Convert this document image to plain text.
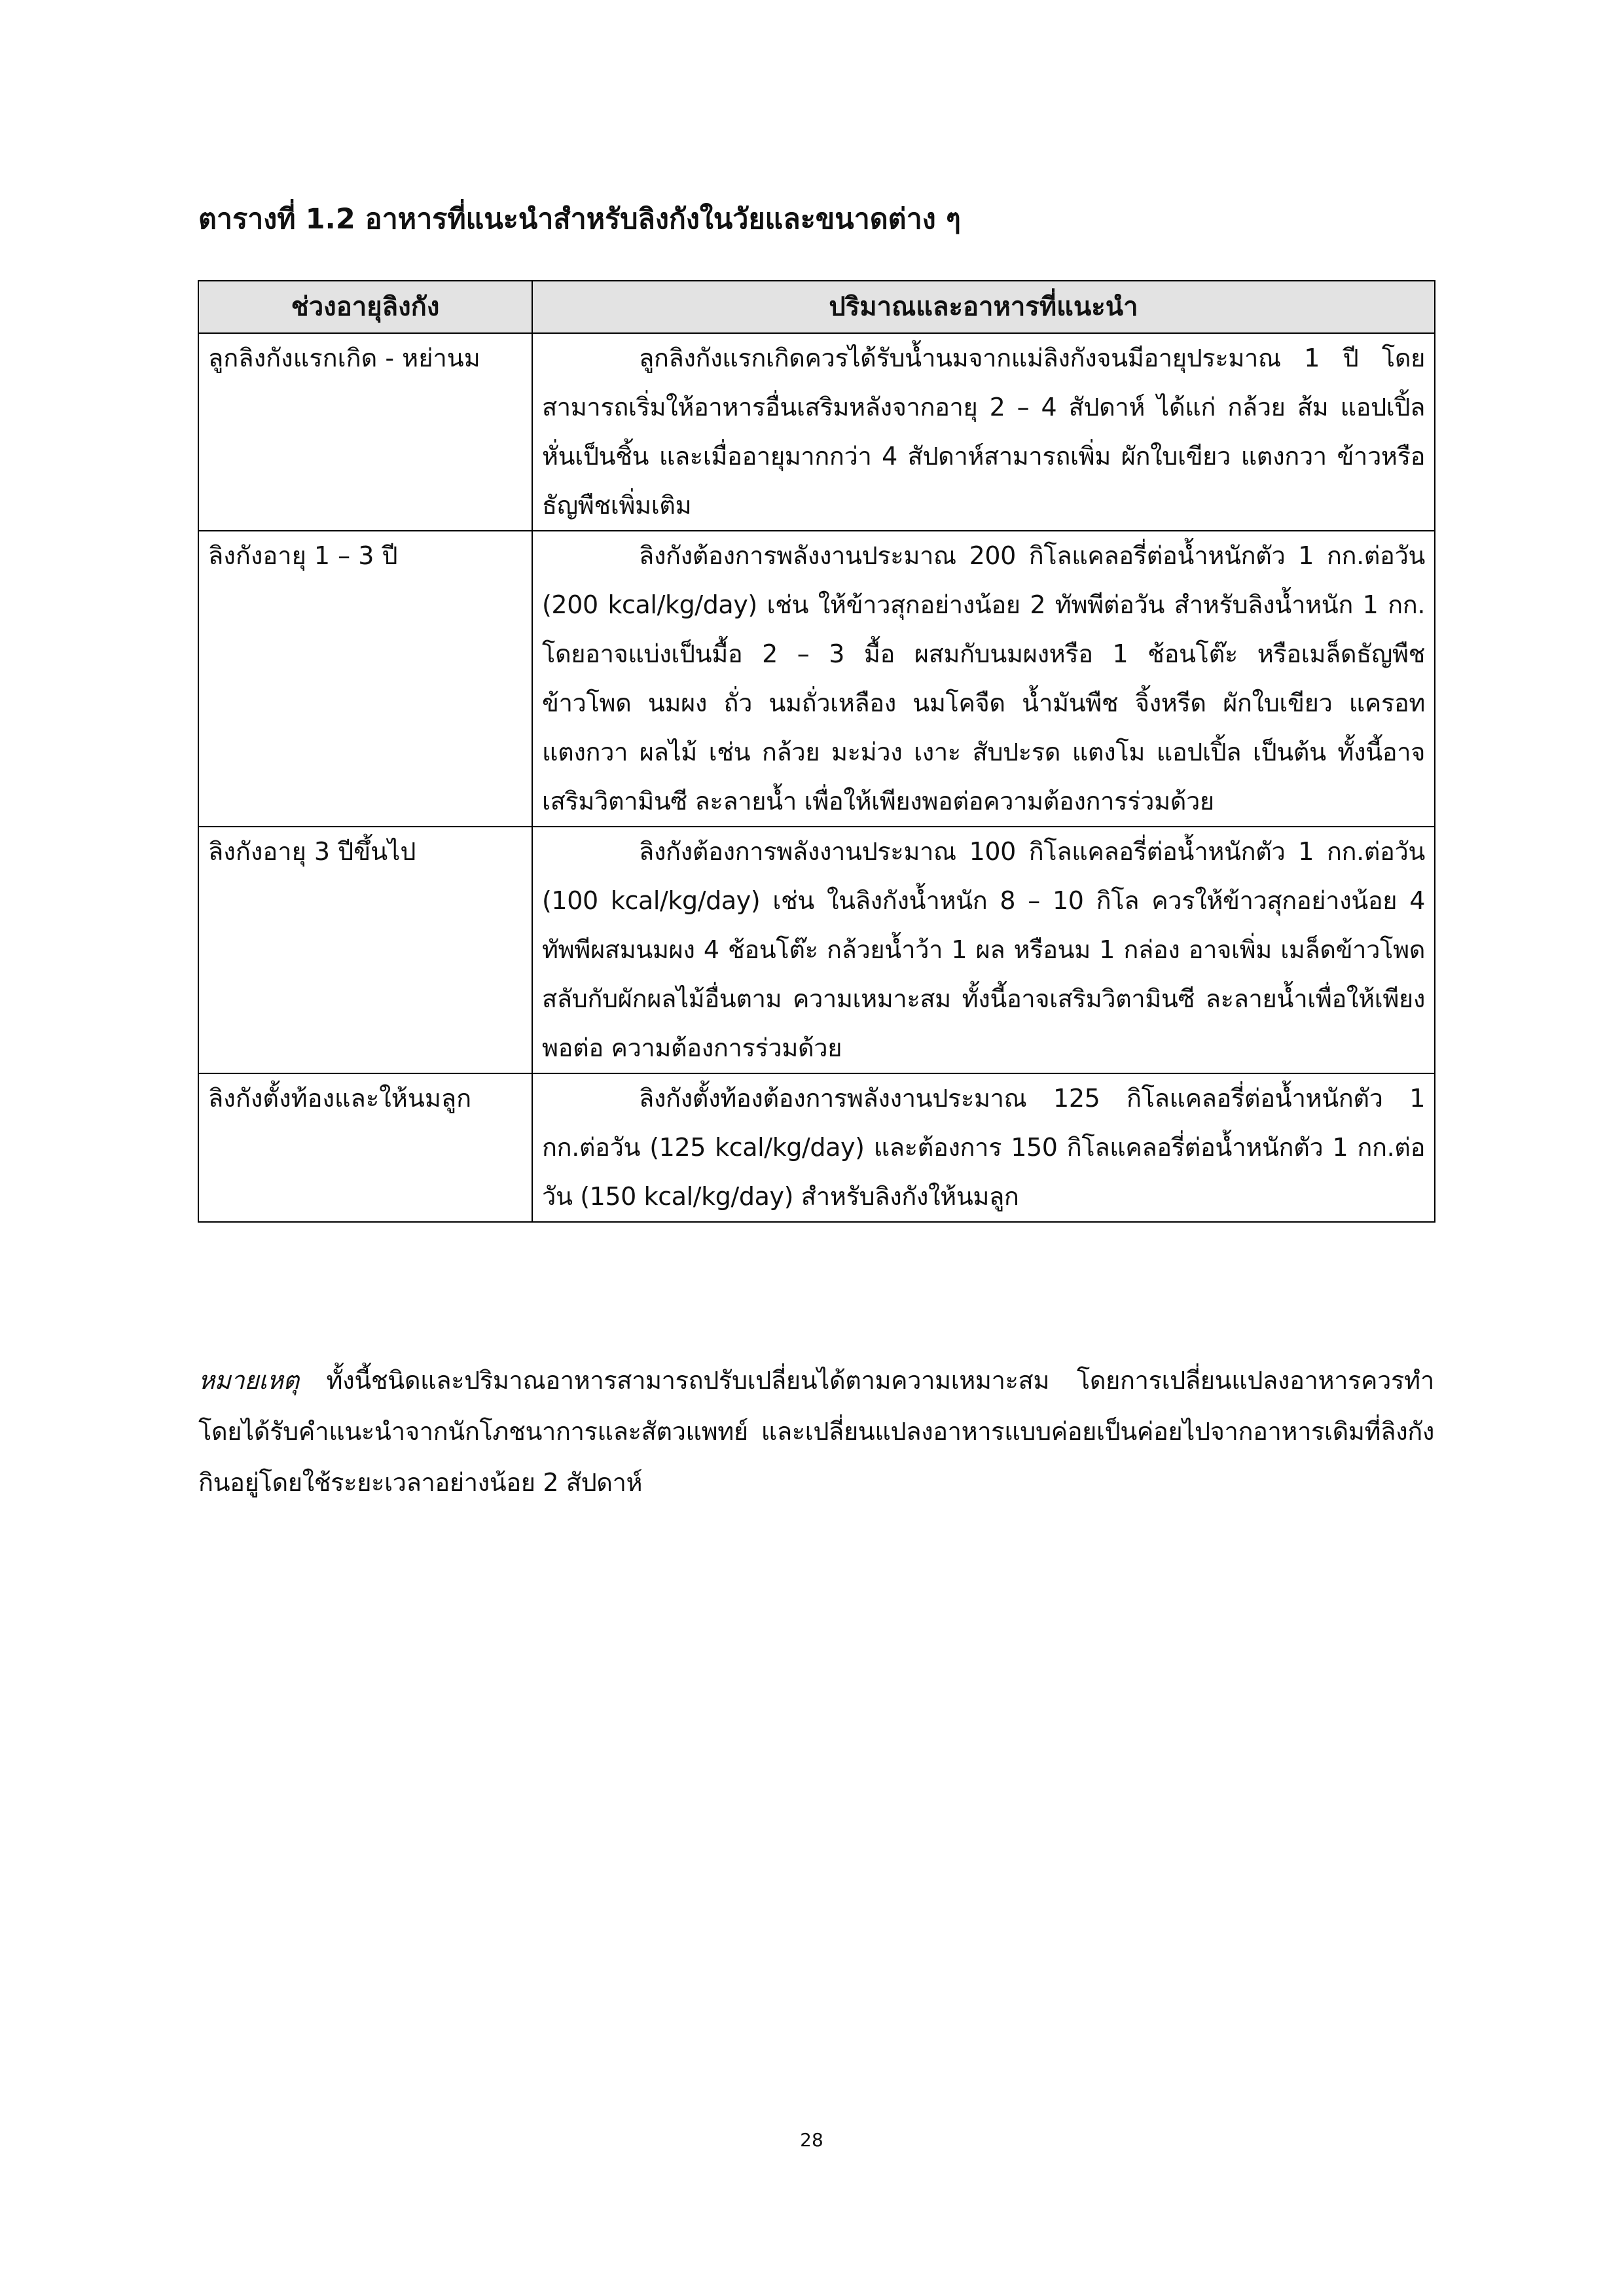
ตารางที่ 1.2 อาหารที่แนะนำสำหรับลิงกังในวัยและขนาดต่าง ๆ
ช่วงอายุลิงกัง	ปริมาณและอาหารที่แนะนำ
ลูกลิงกังแรกเกิด - หย่านม	ลูกลิงกังแรกเกิดควรได้รับน้ำนมจากแม่ลิงกังจนมีอายุประมาณ 1 ปี โดยสามารถเริ่มให้อาหารอื่นเสริมหลังจากอายุ 2 – 4 สัปดาห์ ได้แก่ กล้วย ส้ม แอปเปิ้ล หั่นเป็นชิ้น และเมื่ออายุมากกว่า 4 สัปดาห์สามารถเพิ่ม ผักใบเขียว แตงกวา ข้าวหรือธัญพืชเพิ่มเติม
ลิงกังอายุ 1 – 3 ปี	ลิงกังต้องการพลังงานประมาณ 200 กิโลแคลอรี่ต่อน้ำหนักตัว 1 กก.ต่อวัน (200 kcal/kg/day) เช่น ให้ข้าวสุกอย่างน้อย 2 ทัพพีต่อวัน สำหรับลิงน้ำหนัก 1 กก. โดยอาจแบ่งเป็นมื้อ 2 – 3 มื้อ ผสมกับนมผงหรือ 1 ช้อนโต๊ะ หรือเมล็ดธัญพืช ข้าวโพด นมผง ถั่ว นมถั่วเหลือง นมโคจืด น้ำมันพืช จิ้งหรีด ผักใบเขียว แครอท แตงกวา ผลไม้ เช่น กล้วย มะม่วง เงาะ สับปะรด แตงโม แอปเปิ้ล เป็นต้น ทั้งนี้อาจเสริมวิตามินซี ละลายน้ำ เพื่อให้เพียงพอต่อความต้องการร่วมด้วย
ลิงกังอายุ 3 ปีขึ้นไป	ลิงกังต้องการพลังงานประมาณ 100 กิโลแคลอรี่ต่อน้ำหนักตัว 1 กก.ต่อวัน (100 kcal/kg/day) เช่น ในลิงกังน้ำหนัก 8 – 10 กิโล ควรให้ข้าวสุกอย่างน้อย 4 ทัพพีผสมนมผง 4 ช้อนโต๊ะ กล้วยน้ำว้า 1 ผล หรือนม 1 กล่อง อาจเพิ่ม เมล็ดข้าวโพด สลับกับผักผลไม้อื่นตาม ความเหมาะสม ทั้งนี้อาจเสริมวิตามินซี ละลายน้ำเพื่อให้เพียงพอต่อ ความต้องการร่วมด้วย
ลิงกังตั้งท้องและให้นมลูก	ลิงกังตั้งท้องต้องการพลังงานประมาณ 125 กิโลแคลอรี่ต่อน้ำหนักตัว 1 กก.ต่อวัน (125 kcal/kg/day) และต้องการ 150 กิโลแคลอรี่ต่อน้ำหนักตัว 1 กก.ต่อวัน (150 kcal/kg/day) สำหรับลิงกังให้นมลูก

หมายเหตุ ทั้งนี้ชนิดและปริมาณอาหารสามารถปรับเปลี่ยนได้ตามความเหมาะสม โดยการเปลี่ยนแปลงอาหารควรทำโดยได้รับคำแนะนำจากนักโภชนาการและสัตวแพทย์ และเปลี่ยนแปลงอาหารแบบค่อยเป็นค่อยไปจากอาหารเดิมที่ลิงกังกินอยู่โดยใช้ระยะเวลาอย่างน้อย 2 สัปดาห์

28
